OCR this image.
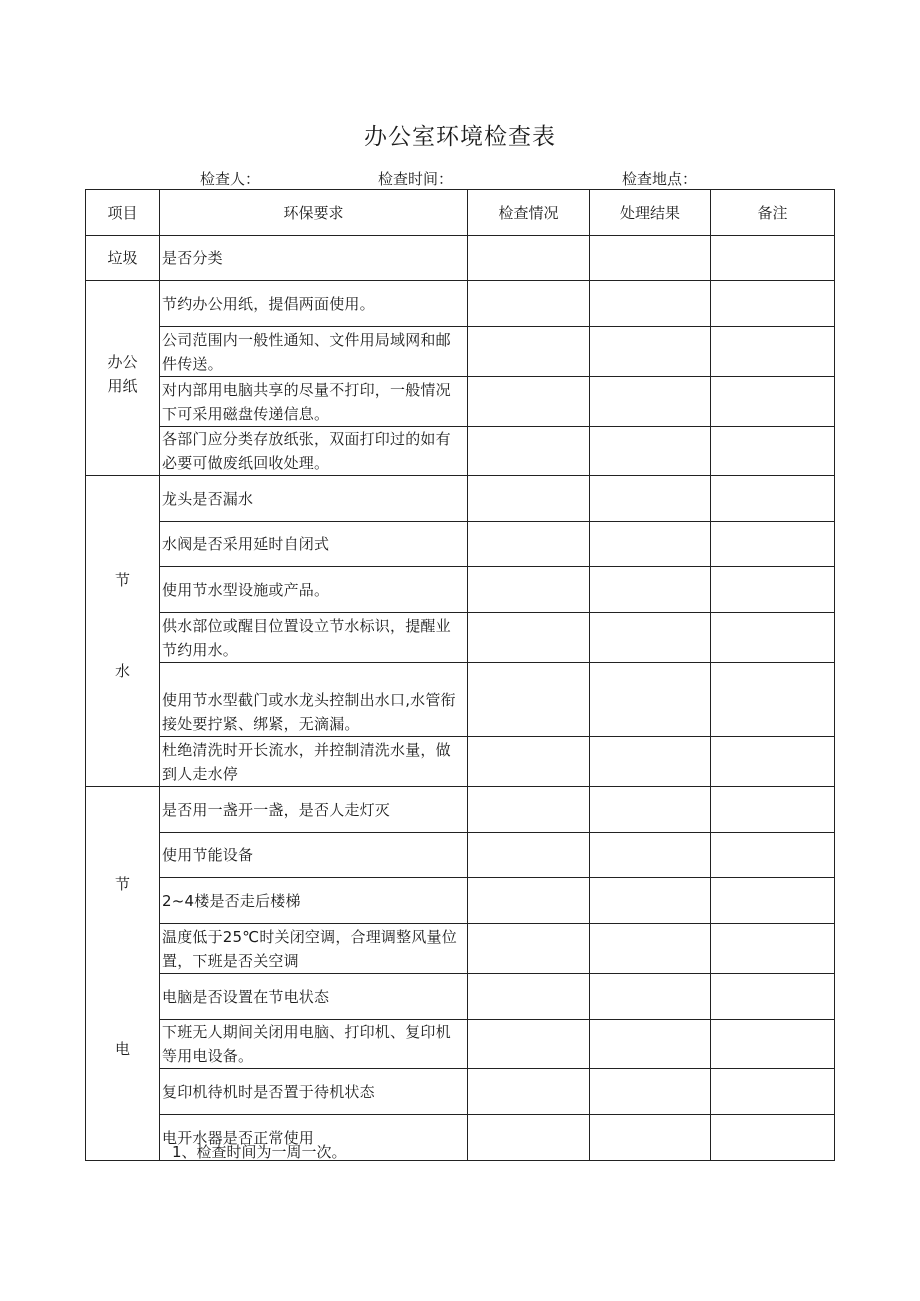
办公室环境检查表
检查人：	检查时间：	检查地点：
项目	环保要求	检查情况	处理结果	备注

垃圾	是否分类			

办公
用纸	节约办公用纸，提倡两面使用。			
	公司范围内一般性通知、文件用局域网和邮件传送。			
	对内部用电脑共享的尽量不打印，一般情况下可采用磁盘传递信息。			
	各部门应分类存放纸张，双面打印过的如有必要可做废纸回收处理。			

节
水	龙头是否漏水			
	水阀是否采用延时自闭式			
	使用节水型设施或产品。			
	供水部位或醒目位置设立节水标识，提醒业节约用水。			
	使用节水型截门或水龙头控制出水口,水管衔接处要拧紧、绑紧，无滴漏。			
	杜绝清洗时开长流水，并控制清洗水量，做到人走水停			

节
电	是否用一盏开一盏，是否人走灯灭			
	使用节能设备			
	2~4楼是否走后楼梯			
	温度低于25℃时关闭空调，合理调整风量位置，下班是否关空调			
	电脑是否设置在节电状态			
	下班无人期间关闭用电脑、打印机、复印机等用电设备。			
	复印机待机时是否置于待机状态			
	电开水器是否正常使用			
1、检查时间为一周一次。
